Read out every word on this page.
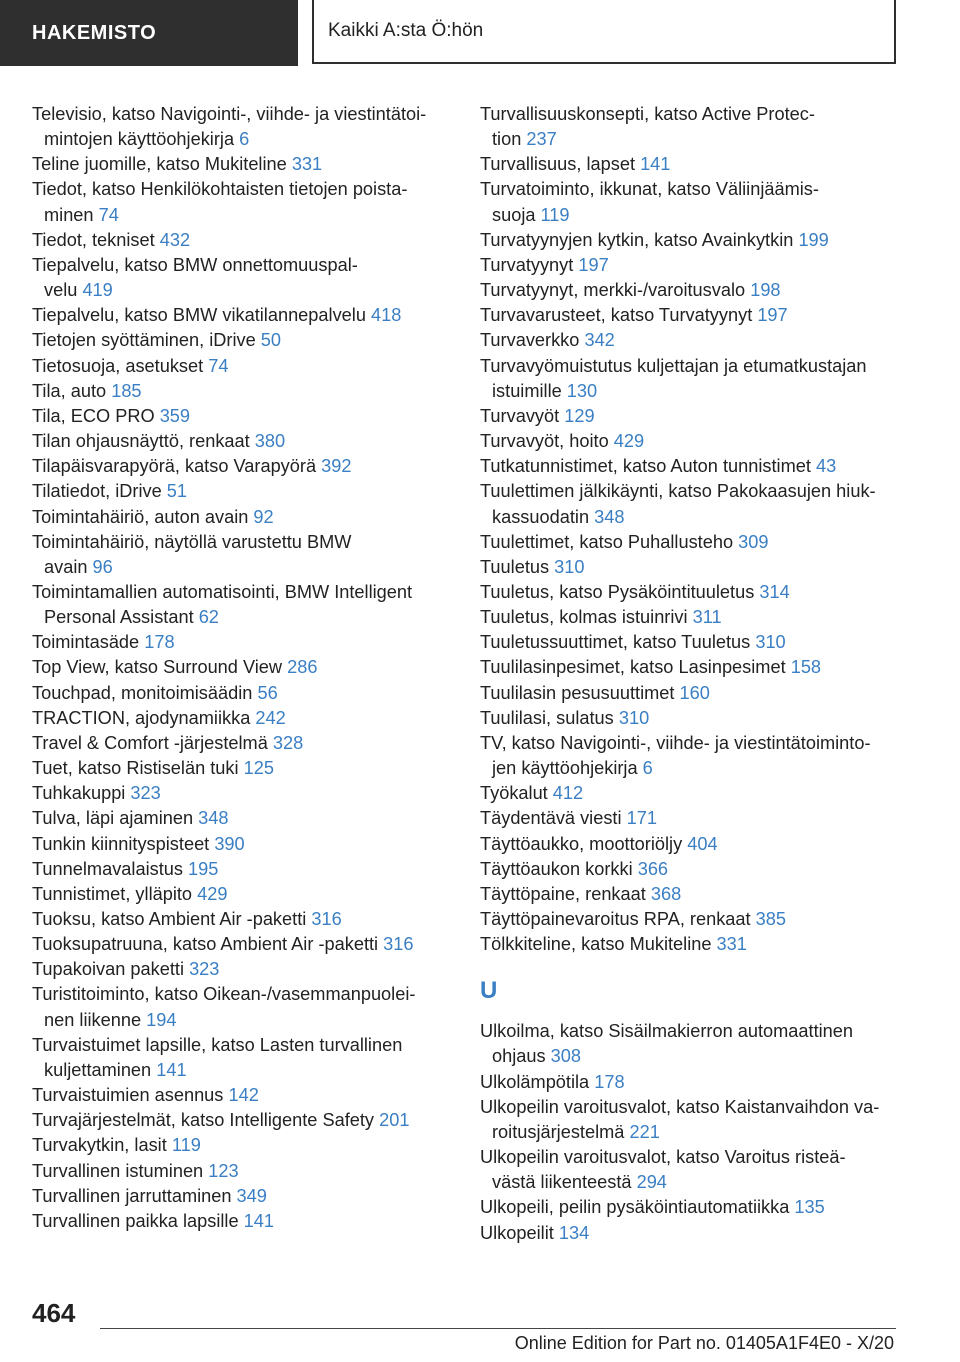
HAKEMISTO	Kaikki A:sta Ö:hön
Televisio, katso Navigointi-, viihde- ja viestintätoi-
mintojen käyttöohjekirja 6
Teline juomille, katso Mukiteline 331
Tiedot, katso Henkilökohtaisten tietojen poista-
minen 74
Tiedot, tekniset 432
Tiepalvelu, katso BMW onnettomuuspal-
velu 419
Tiepalvelu, katso BMW vikatilannepalvelu 418
Tietojen syöttäminen, iDrive 50
Tietosuoja, asetukset 74
Tila, auto 185
Tila, ECO PRO 359
Tilan ohjausnäyttö, renkaat 380
Tilapäisvarapyörä, katso Varapyörä 392
Tilatiedot, iDrive 51
Toimintahäiriö, auton avain 92
Toimintahäiriö, näytöllä varustettu BMW
avain 96
Toimintamallien automatisointi, BMW Intelligent
Personal Assistant 62
Toimintasäde 178
Top View, katso Surround View 286
Touchpad, monitoimisäädin 56
TRACTION, ajodynamiikka 242
Travel & Comfort -järjestelmä 328
Tuet, katso Ristiselän tuki 125
Tuhkakuppi 323
Tulva, läpi ajaminen 348
Tunkin kiinnityspisteet 390
Tunnelmavalaistus 195
Tunnistimet, ylläpito 429
Tuoksu, katso Ambient Air -paketti 316
Tuoksupatruuna, katso Ambient Air -paketti 316
Tupakoivan paketti 323
Turistitoiminto, katso Oikean-/vasemmanpuolei-
nen liikenne 194
Turvaistuimet lapsille, katso Lasten turvallinen
kuljettaminen 141
Turvaistuimien asennus 142
Turvajärjestelmät, katso Intelligente Safety 201
Turvakytkin, lasit 119
Turvallinen istuminen 123
Turvallinen jarruttaminen 349
Turvallinen paikka lapsille 141
Turvallisuuskonsepti, katso Active Protec-
tion 237
Turvallisuus, lapset 141
Turvatoiminto, ikkunat, katso Väliinjäämis-
suoja 119
Turvatyynyjen kytkin, katso Avainkytkin 199
Turvatyynyt 197
Turvatyynyt, merkki-/varoitusvalo 198
Turvavarusteet, katso Turvatyynyt 197
Turvaverkko 342
Turvavyömuistutus kuljettajan ja etumatkustajan
istuimille 130
Turvavyöt 129
Turvavyöt, hoito 429
Tutkatunnistimet, katso Auton tunnistimet 43
Tuulettimen jälkikäynti, katso Pakokaasujen hiuk-
kassuodatin 348
Tuulettimet, katso Puhallusteho 309
Tuuletus 310
Tuuletus, katso Pysäköintituuletus 314
Tuuletus, kolmas istuinrivi 311
Tuuletussuuttimet, katso Tuuletus 310
Tuulilasinpesimet, katso Lasinpesimet 158
Tuulilasin pesusuuttimet 160
Tuulilasi, sulatus 310
TV, katso Navigointi-, viihde- ja viestintätoiminto-
jen käyttöohjekirja 6
Työkalut 412
Täydentävä viesti 171
Täyttöaukko, moottoriöljy 404
Täyttöaukon korkki 366
Täyttöpaine, renkaat 368
Täyttöpainevaroitus RPA, renkaat 385
Tölkkiteline, katso Mukiteline 331
U
Ulkoilma, katso Sisäilmakierron automaattinen
ohjaus 308
Ulkolämpötila 178
Ulkopeilin varoitusvalot, katso Kaistanvaihdon va-
roitusjärjestelmä 221
Ulkopeilin varoitusvalot, katso Varoitus risteä-
västä liikenteestä 294
Ulkopeili, peilin pysäköintiautomatiikka 135
Ulkopeilit 134
464
Online Edition for Part no. 01405A1F4E0 - X/20
